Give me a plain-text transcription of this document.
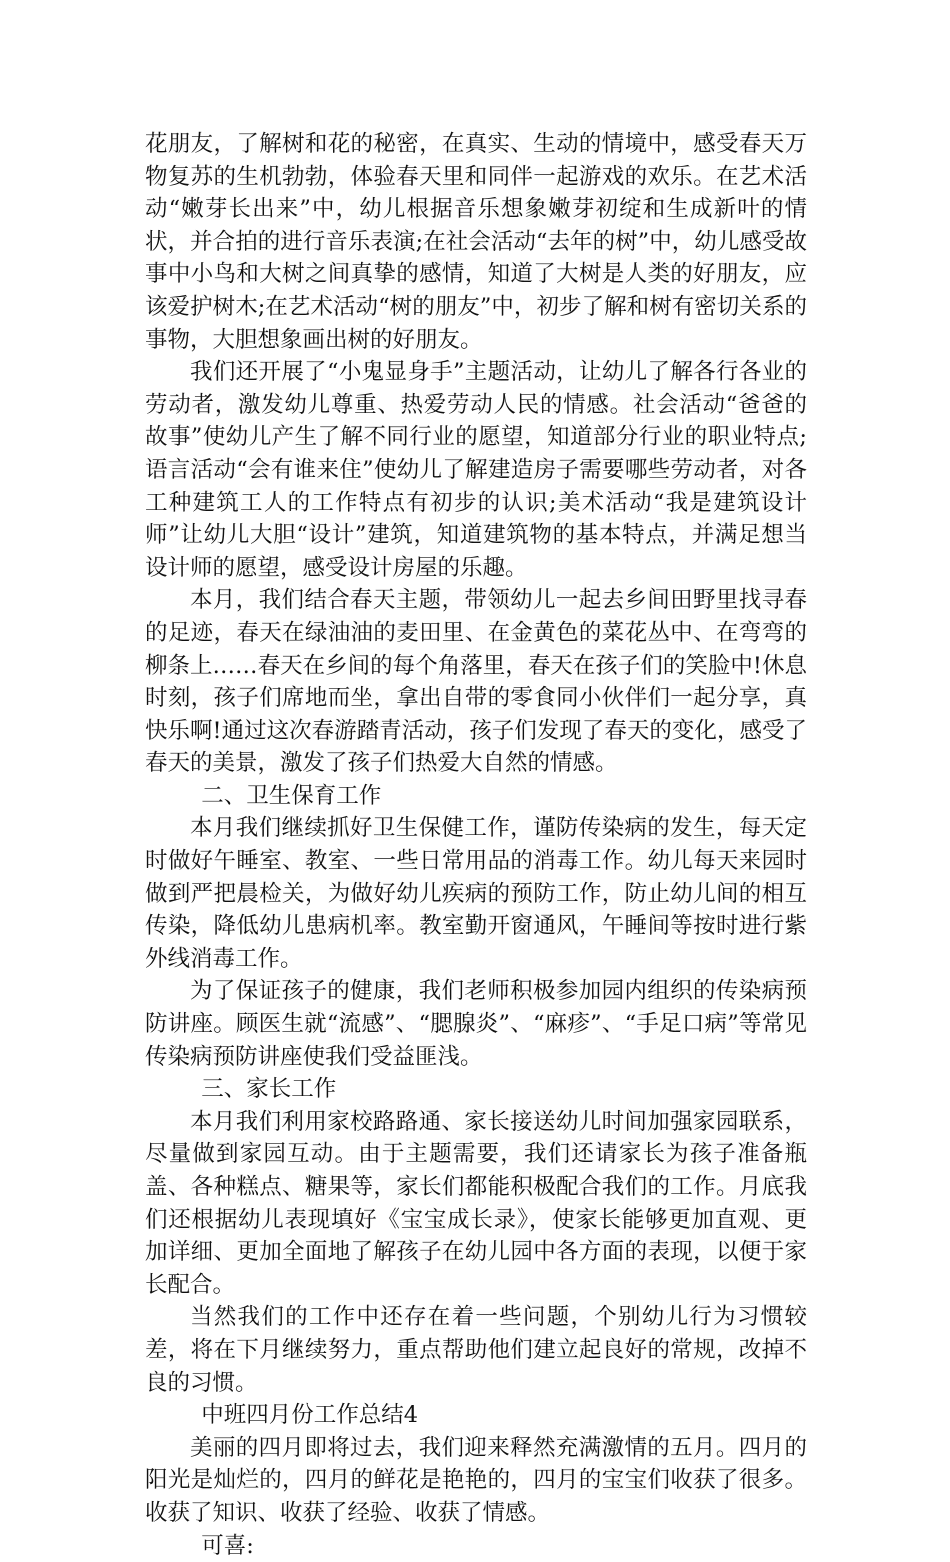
花朋友，了解树和花的秘密，在真实、生动的情境中，感受春天万物复苏的生机勃勃，体验春天里和同伴一起游戏的欢乐。在艺术活动“嫩芽长出来”中，幼儿根据音乐想象嫩芽初绽和生成新叶的情状，并合拍的进行音乐表演;在社会活动“去年的树”中，幼儿感受故事中小鸟和大树之间真挚的感情，知道了大树是人类的好朋友，应该爱护树木;在艺术活动“树的朋友”中，初步了解和树有密切关系的事物，大胆想象画出树的好朋友。

我们还开展了“小鬼显身手”主题活动，让幼儿了解各行各业的劳动者，激发幼儿尊重、热爱劳动人民的情感。社会活动“爸爸的故事”使幼儿产生了解不同行业的愿望，知道部分行业的职业特点;语言活动“会有谁来住”使幼儿了解建造房子需要哪些劳动者，对各工种建筑工人的工作特点有初步的认识;美术活动“我是建筑设计师”让幼儿大胆“设计”建筑，知道建筑物的基本特点，并满足想当设计师的愿望，感受设计房屋的乐趣。

本月，我们结合春天主题，带领幼儿一起去乡间田野里找寻春的足迹，春天在绿油油的麦田里、在金黄色的菜花丛中、在弯弯的柳条上……春天在乡间的每个角落里，春天在孩子们的笑脸中!休息时刻，孩子们席地而坐，拿出自带的零食同小伙伴们一起分享，真快乐啊!通过这次春游踏青活动，孩子们发现了春天的变化，感受了春天的美景，激发了孩子们热爱大自然的情感。

二、卫生保育工作

本月我们继续抓好卫生保健工作，谨防传染病的发生，每天定时做好午睡室、教室、一些日常用品的消毒工作。幼儿每天来园时做到严把晨检关，为做好幼儿疾病的预防工作，防止幼儿间的相互传染，降低幼儿患病机率。教室勤开窗通风，午睡间等按时进行紫外线消毒工作。

为了保证孩子的健康，我们老师积极参加园内组织的传染病预防讲座。顾医生就“流感”、“腮腺炎”、“麻疹”、“手足口病”等常见传染病预防讲座使我们受益匪浅。

三、家长工作

本月我们利用家校路路通、家长接送幼儿时间加强家园联系，尽量做到家园互动。由于主题需要，我们还请家长为孩子准备瓶盖、各种糕点、糖果等，家长们都能积极配合我们的工作。月底我们还根据幼儿表现填好《宝宝成长录》，使家长能够更加直观、更加详细、更加全面地了解孩子在幼儿园中各方面的表现，以便于家长配合。

当然我们的工作中还存在着一些问题，个别幼儿行为习惯较差，将在下月继续努力，重点帮助他们建立起良好的常规，改掉不良的习惯。

中班四月份工作总结4

美丽的四月即将过去，我们迎来释然充满激情的五月。四月的阳光是灿烂的，四月的鲜花是艳艳的，四月的宝宝们收获了很多。收获了知识、收获了经验、收获了情感。

可喜:
